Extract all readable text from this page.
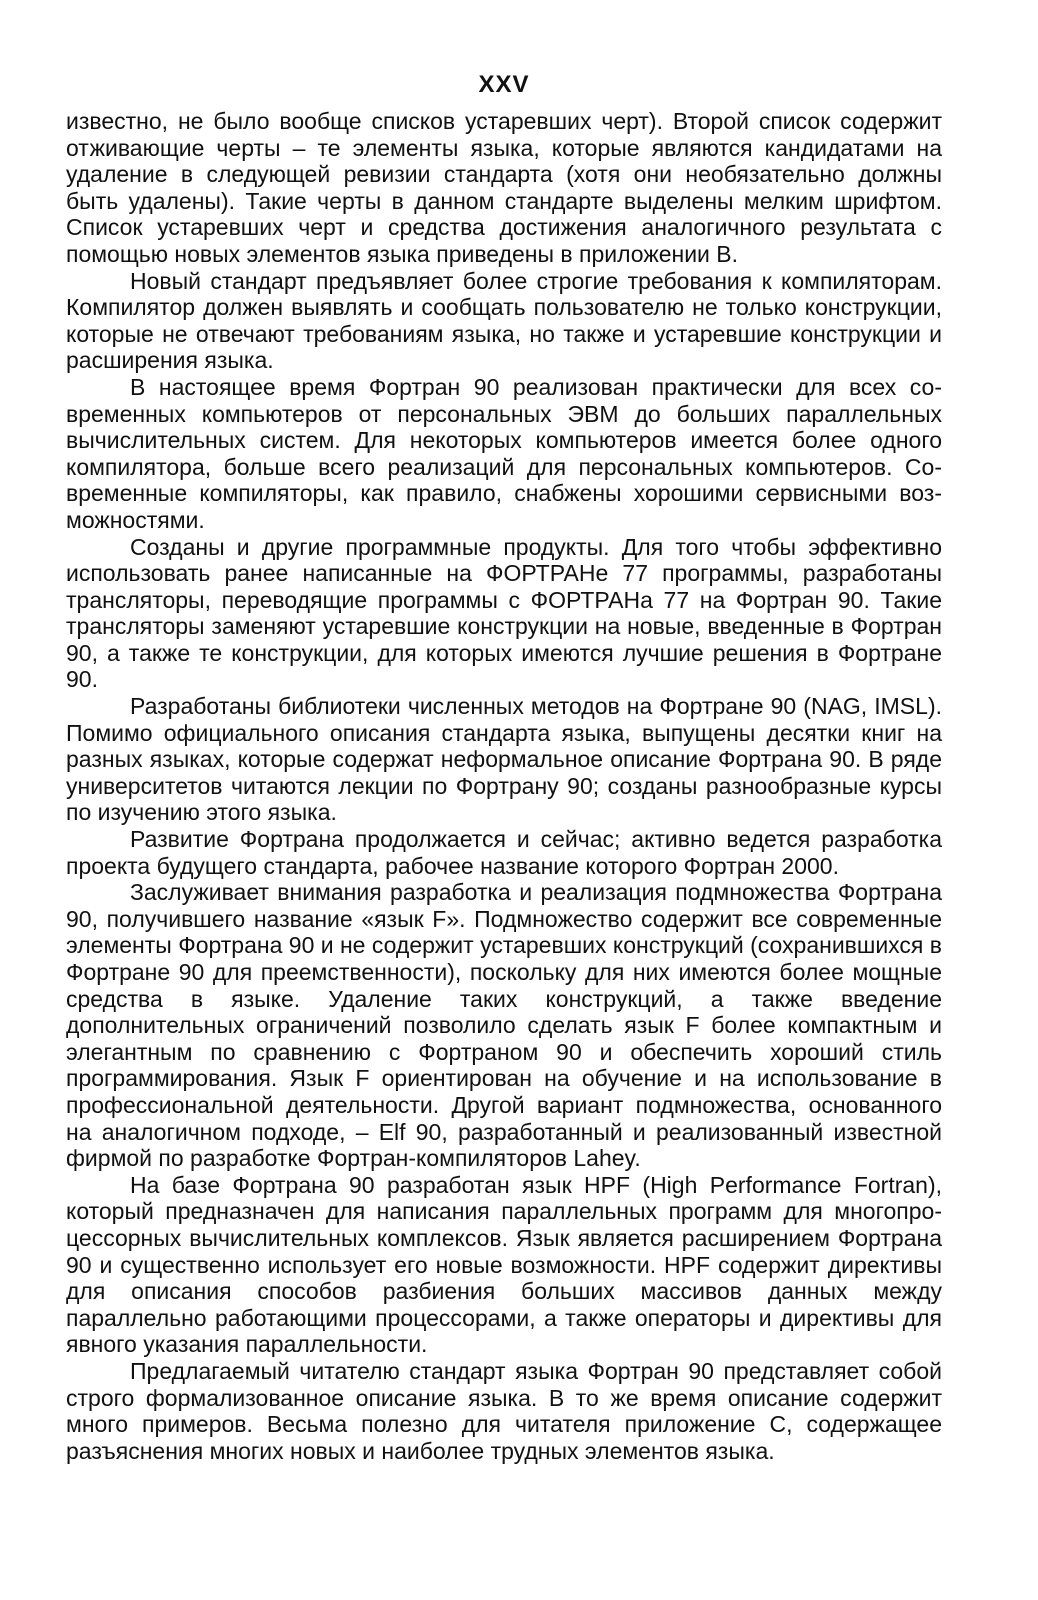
XXV

известно, не было вообще списков устаревших черт). Второй список содержит отживающие черты – те элементы языка, которые являются кандидатами на удаление в следующей ревизии стандарта (хотя они необязательно должны быть удалены). Такие черты в данном стандарте выделены мелким шрифтом. Список устаревших черт и средства достижения аналогичного результата с помощью новых элементов языка приведены в приложении B.

Новый стандарт предъявляет более строгие требования к компиляторам. Компилятор должен выявлять и сообщать пользователю не только конструкции, которые не отвечают требованиям языка, но также и устаревшие конструкции и расширения языка.

В настоящее время Фортран 90 реализован практически для всех современных компьютеров от персональных ЭВМ до больших параллельных вычислительных систем. Для некоторых компьютеров имеется более одного компилятора, больше всего реализаций для персональных компьютеров. Современные компиляторы, как правило, снабжены хорошими сервисными возможностями.

Созданы и другие программные продукты. Для того чтобы эффективно использовать ранее написанные на ФОРТРАНе 77 программы, разработаны трансляторы, переводящие программы с ФОРТРАНа 77 на Фортран 90. Такие трансляторы заменяют устаревшие конструкции на новые, введенные в Фортран 90, а также те конструкции, для которых имеются лучшие решения в Фортране 90.

Разработаны библиотеки численных методов на Фортране 90 (NAG, IMSL). Помимо официального описания стандарта языка, выпущены десятки книг на разных языках, которые содержат неформальное описание Фортрана 90. В ряде университетов читаются лекции по Фортрану 90; созданы разнообразные курсы по изучению этого языка.

Развитие Фортрана продолжается и сейчас; активно ведется разработка проекта будущего стандарта, рабочее название которого Фортран 2000.

Заслуживает внимания разработка и реализация подмножества Фортрана 90, получившего название «язык F». Подмножество содержит все современные элементы Фортрана 90 и не содержит устаревших конструкций (сохранившихся в Фортране 90 для преемственности), поскольку для них имеются более мощные средства в языке. Удаление таких конструкций, а также введение дополнительных ограничений позволило сделать язык F более компактным и элегантным по сравнению с Фортраном 90 и обеспечить хороший стиль программирования. Язык F ориентирован на обучение и на использование в профессиональной деятельности. Другой вариант подмножества, основанного на аналогичном подходе, – Elf 90, разработанный и реализованный известной фирмой по разработке Фортран-компиляторов Lahey.

На базе Фортрана 90 разработан язык HPF (High Performance Fortran), который предназначен для написания параллельных программ для многопроцессорных вычислительных комплексов. Язык является расширением Фортрана 90 и существенно использует его новые возможности. HPF содержит директивы для описания способов разбиения больших массивов данных между параллельно работающими процессорами, а также операторы и директивы для явного указания параллельности.

Предлагаемый читателю стандарт языка Фортран 90 представляет собой строго формализованное описание языка. В то же время описание содержит много примеров. Весьма полезно для читателя приложение С, содержащее разъяснения многих новых и наиболее трудных элементов языка.
